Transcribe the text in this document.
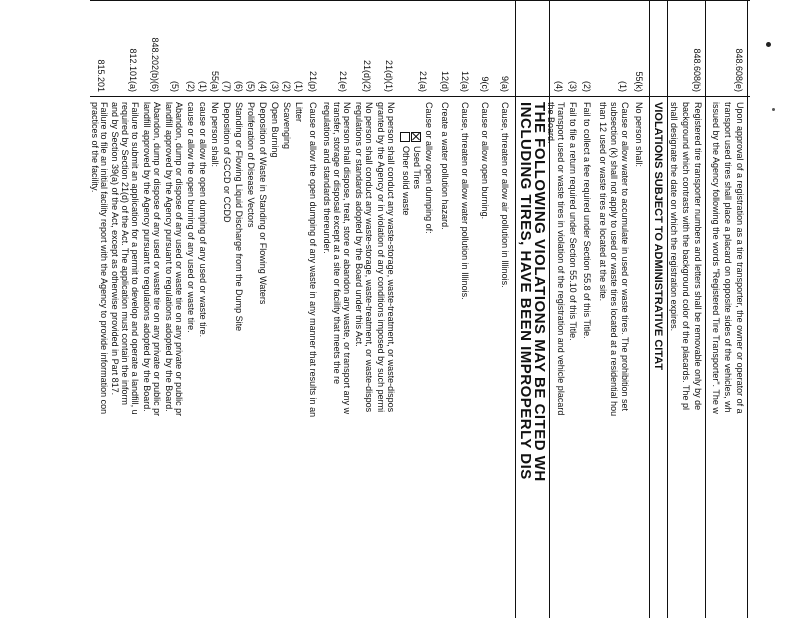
848.608(e)
Upon approval of a registration as a tire transporter, the owner or operator of a
transport used tires shall place a placard on opposite sides of the vehicles, wh
issued by the Agency following the words "Registered Tire Transporter". The w
848.608(b)
Registered tire transporter numbers and letters shall be removable only by de
background which contrasts with the background color of the placards. The pl
shall designate the date on which the registration expires.
VIOLATIONS SUBJECT TO ADMINISTRATIVE CITAT
55(k)
No person shall:
(1)
Cause or allow water to accumulate in used or waste tires. The prohibition set
subsection (k) shall not apply to used or waste tires located at a residential hou
than 12 used or waste tires are located at the site.
(2)
Fail to collect a fee required under Section 55.8 of this Title.
(3)
Fail to file a return required under Section 55.10 of this Title.
(4)
Transport used or waste tires in violation of the registration and vehicle placard
the Board.
THE FOLLOWING VIOLATIONS MAY BE CITED WH
INCLUDING TIRES, HAVE BEEN IMPROPERLY DIS
9(a)
Cause, threaten or allow air pollution in Illinois.
9(c)
Cause or allow open burning.
12(a)
Cause, threaten or allow water pollution in Illinois.
12(d)
Create a water pollution hazard.
21(a)
Cause or allow open dumping of:
Used Tires
Other solid waste
21(d)(1)
No person shall conduct any waste-storage, waste-treatment, or waste-dispos
granted by the Agency or in violation of any conditions imposed by such permi
21(d)(2)
No person shall conduct any waste-storage, waste-treatment, or waste-dispos
regulations or standards adopted by the Board under this Act.
21(e)
No person shall dispose, treat, store or abandon any waste, or transport any w
transfer, storage or disposal except at a site or facility that meets the re
regulations and standards thereunder.
21(p)
Cause or allow the open dumping of any waste in any manner that results in an
(1)
Litter
(2)
Scavenging
(3)
Open Burning
(4)
Deposition of Waste in Standing or Flowing Waters
(5)
Proliferation of Disease Vectors
(6)
Standing or Flowing Liquid Discharge from the Dump Site
(7)
Deposition of GCCD or CCDD
55(a)
No person shall:
(1)
cause or allow the open dumping of any used or waste tire.
(2)
cause or allow the open burning of any used or waste tire.
(5)
Abandon, dump or dispose of any used or waste tire on any private or public pr
landfill approved by the Agency pursuant to regulations adopted by the Board.
848.202(b)(6)
Abandon, dump or dispose of any used or waste tire on any private or public pr
landfill approved by the Agency pursuant to regulations adopted by the Board.
812.101(a)
Failure to submit an application for a permit to develop and operate a landfill, u
required by Section 21(d) of the Act. The application must contain the inform
and by Section 39(a) of the Act, except as otherwise provided in Part 817.
815.201
Failure to file an initial facility report with the Agency to provide information con
practices of the facility.
